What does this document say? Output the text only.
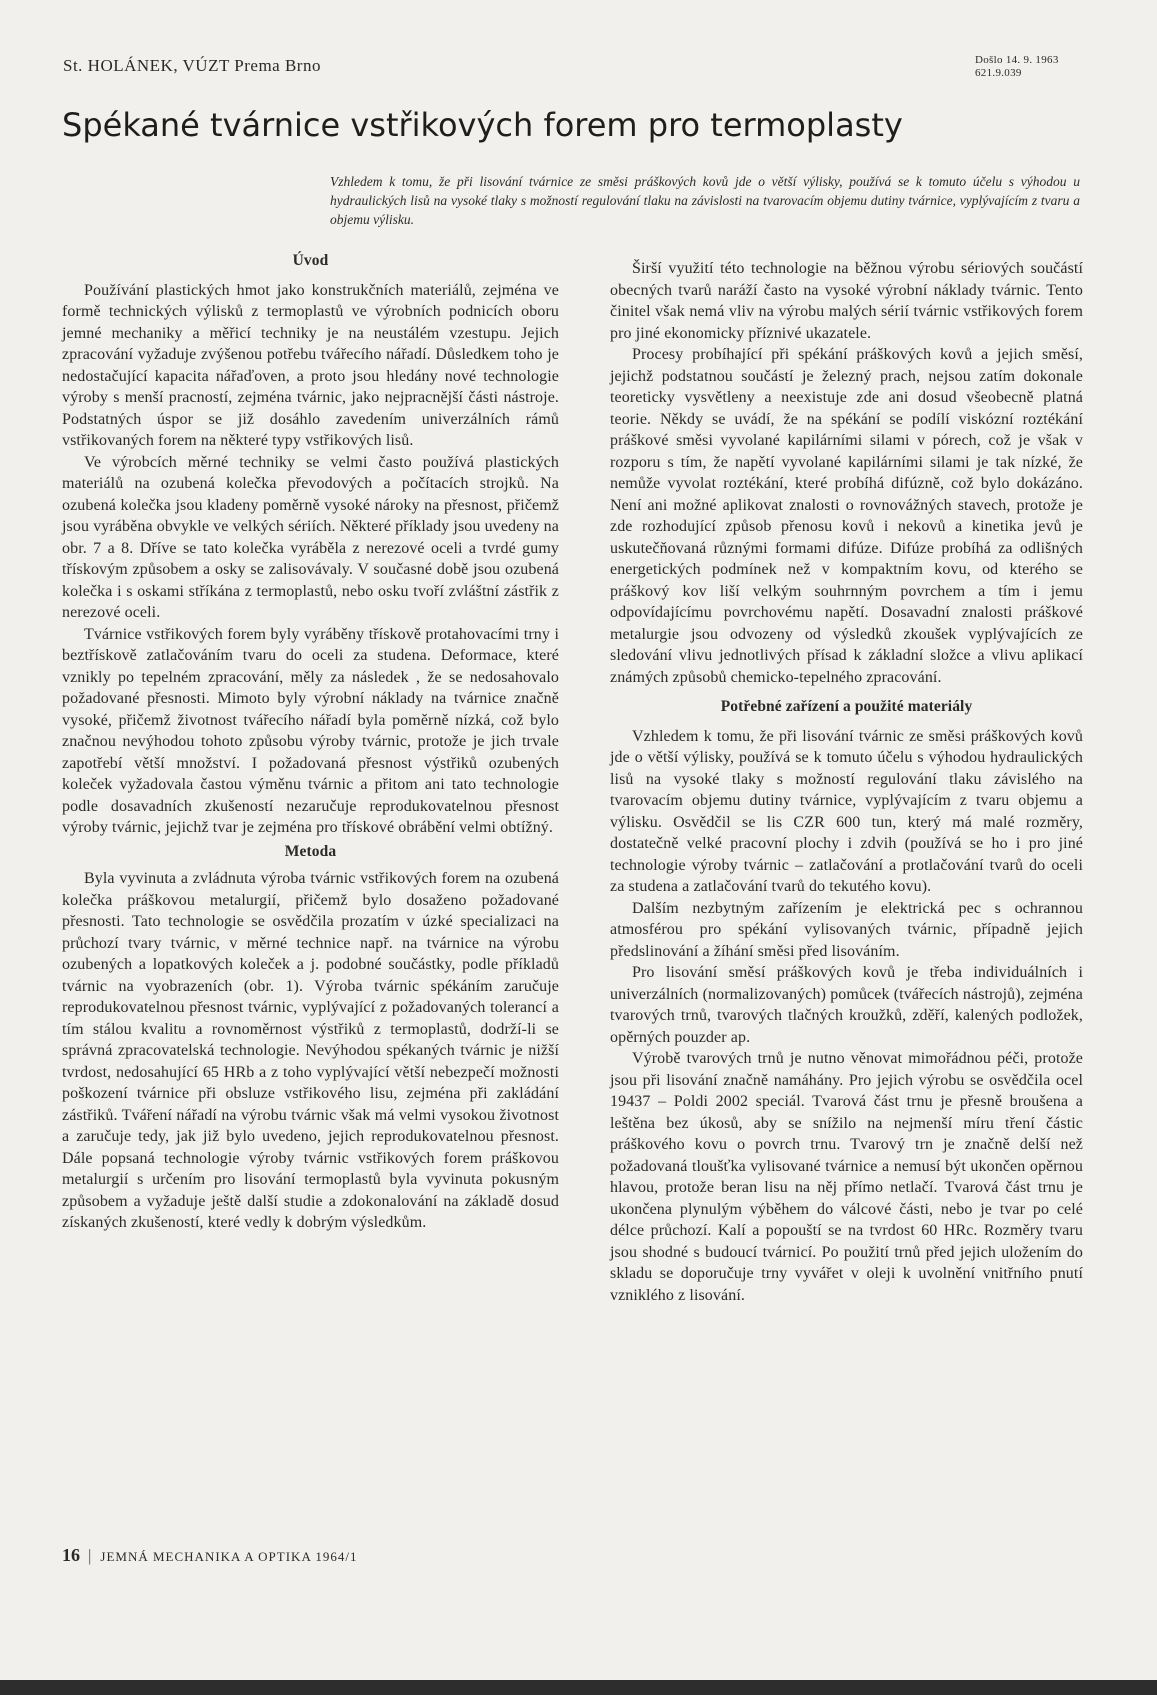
St. HOLÁNEK, VÚZT Prema Brno	Došlo 14. 9. 1963
621.9.039
Spékané tvárnice vstřikových forem pro termoplasty
Vzhledem k tomu, že při lisování tvárnice ze směsi práškových kovů jde o větší výlisky, používá se k tomuto účelu s výhodou u hydraulických lisů na vysoké tlaky s možností regulování tlaku na závislosti na tvarovacím objemu dutiny tvárnice, vyplývajícím z tvaru a objemu výlisku.
Úvod

Používání plastických hmot jako konstrukčních materiálů, zejména ve formě technických výlisků z termoplastů ve výrobních podnicích oboru jemné mechaniky a měřicí techniky je na neustálém vzestupu. Jejich zpracování vyžaduje zvýšenou potřebu tvářecího nářadí. Důsledkem toho je nedostačující kapacita nářaďoven, a proto jsou hledány nové technologie výroby s menší pracností, zejména tvárnic, jako nejpracnější části nástroje. Podstatných úspor se již dosáhlo zavedením univerzálních rámů vstřikovaných forem na některé typy vstřikových lisů.

Ve výrobcích měrné techniky se velmi často používá plastických materiálů na ozubená kolečka převodových a počítacích strojků. Na ozubená kolečka jsou kladeny poměrně vysoké nároky na přesnost, přičemž jsou vyráběna obvykle ve velkých sériích. Některé příklady jsou uvedeny na obr. 7 a 8. Dříve se tato kolečka vyráběla z nerezové oceli a tvrdé gumy třískovým způsobem a osky se zalisovávaly. V současné době jsou ozubená kolečka i s oskami stříkána z termoplastů, nebo osku tvoří zvláštní zástřik z nerezové oceli.

Tvárnice vstřikových forem byly vyráběny třískově protahovacími trny i beztřískově zatlačováním tvaru do oceli za studena. Deformace, které vznikly po tepelném zpracování, měly za následek , že se nedosahovalo požadované přesnosti. Mimoto byly výrobní náklady na tvárnice značně vysoké, přičemž životnost tvářecího nářadí byla poměrně nízká, což bylo značnou nevýhodou tohoto způsobu výroby tvárnic, protože je jich trvale zapotřebí větší množství. I požadovaná přesnost výstřiků ozubených koleček vyžadovala častou výměnu tvárnic a přitom ani tato technologie podle dosavadních zkušeností nezaručuje reprodukovatelnou přesnost výroby tvárnic, jejichž tvar je zejména pro třískové obrábění velmi obtížný.

Metoda

Byla vyvinuta a zvládnuta výroba tvárnic vstřikových forem na ozubená kolečka práškovou metalurgií, přičemž bylo dosaženo požadované přesnosti. Tato technologie se osvědčila prozatím v úzké specializaci na průchozí tvary tvárnic, v měrné technice např. na tvárnice na výrobu ozubených a lopatkových koleček a j. podobné součástky, podle příkladů tvárnic na vyobrazeních (obr. 1). Výroba tvárnic spékáním zaručuje reprodukovatelnou přesnost tvárnic, vyplývající z požadovaných tolerancí a tím stálou kvalitu a rovnoměrnost výstřiků z termoplastů, dodrží-li se správná zpracovatelská technologie. Nevýhodou spékaných tvárnic je nižší tvrdost, nedosahující 65 HRb a z toho vyplývající větší nebezpečí možnosti poškození tvárnice při obsluze vstřikového lisu, zejména při zakládání zástřiků. Tváření nářadí na výrobu tvárnic však má velmi vysokou životnost a zaručuje tedy, jak již bylo uvedeno, jejich reprodukovatelnou přesnost. Dále popsaná technologie výroby tvárnic vstřikových forem práškovou metalurgií s určením pro lisování termoplastů byla vyvinuta pokusným způsobem a vyžaduje ještě další studie a zdokonalování na základě dosud získaných zkušeností, které vedly k dobrým výsledkům.

Širší využití této technologie na běžnou výrobu sériových součástí obecných tvarů naráží často na vysoké výrobní náklady tvárnic. Tento činitel však nemá vliv na výrobu malých sérií tvárnic vstřikových forem pro jiné ekonomicky příznivé ukazatele.

Procesy probíhající při spékání práškových kovů a jejich směsí, jejichž podstatnou součástí je železný prach, nejsou zatím dokonale teoreticky vysvětleny a neexistuje zde ani dosud všeobecně platná teorie. Někdy se uvádí, že na spékání se podílí viskózní roztékání práškové směsi vyvolané kapilárními silami v pórech, což je však v rozporu s tím, že napětí vyvolané kapilárními silami je tak nízké, že nemůže vyvolat roztékání, které probíhá difúzně, což bylo dokázáno. Není ani možné aplikovat znalosti o rovnovážných stavech, protože je zde rozhodující způsob přenosu kovů i nekovů a kinetika jevů je uskutečňovaná různými formami difúze. Difúze probíhá za odlišných energetických podmínek než v kompaktním kovu, od kterého se práškový kov liší velkým souhrnným povrchem a tím i jemu odpovídajícímu povrchovému napětí. Dosavadní znalosti práškové metalurgie jsou odvozeny od výsledků zkoušek vyplývajících ze sledování vlivu jednotlivých přísad k základní složce a vlivu aplikací známých způsobů chemicko-tepelného zpracování.

Potřebné zařízení a použité materiály

Vzhledem k tomu, že při lisování tvárnic ze směsi práškových kovů jde o větší výlisky, používá se k tomuto účelu s výhodou hydraulických lisů na vysoké tlaky s možností regulování tlaku závislého na tvarovacím objemu dutiny tvárnice, vyplývajícím z tvaru objemu a výlisku. Osvědčil se lis CZR 600 tun, který má malé rozměry, dostatečně velké pracovní plochy i zdvih (používá se ho i pro jiné technologie výroby tvárnic – zatlačování a protlačování tvarů do oceli za studena a zatlačování tvarů do tekutého kovu).

Dalším nezbytným zařízením je elektrická pec s ochrannou atmosférou pro spékání vylisovaných tvárnic, případně jejich předslinování a žíhání směsi před lisováním.

Pro lisování směsí práškových kovů je třeba individuálních i univerzálních (normalizovaných) pomůcek (tvářecích nástrojů), zejména tvarových trnů, tvarových tlačných kroužků, zděří, kalených podložek, opěrných pouzder ap.

Výrobě tvarových trnů je nutno věnovat mimořádnou péči, protože jsou při lisování značně namáhány. Pro jejich výrobu se osvědčila ocel 19437 – Poldi 2002 speciál. Tvarová část trnu je přesně broušena a leštěna bez úkosů, aby se snížilo na nejmenší míru tření částic práškového kovu o povrch trnu. Tvarový trn je značně delší než požadovaná tloušťka vylisované tvárnice a nemusí být ukončen opěrnou hlavou, protože beran lisu na něj přímo netlačí. Tvarová část trnu je ukončena plynulým výběhem do válcové části, nebo je tvar po celé délce průchozí. Kalí a popouští se na tvrdost 60 HRc. Rozměry tvaru jsou shodné s budoucí tvárnicí. Po použití trnů před jejich uložením do skladu se doporučuje trny vyvářet v oleji k uvolnění vnitřního pnutí vzniklého z lisování.

16 | JEMNÁ MECHANIKA A OPTIKA 1964/1
